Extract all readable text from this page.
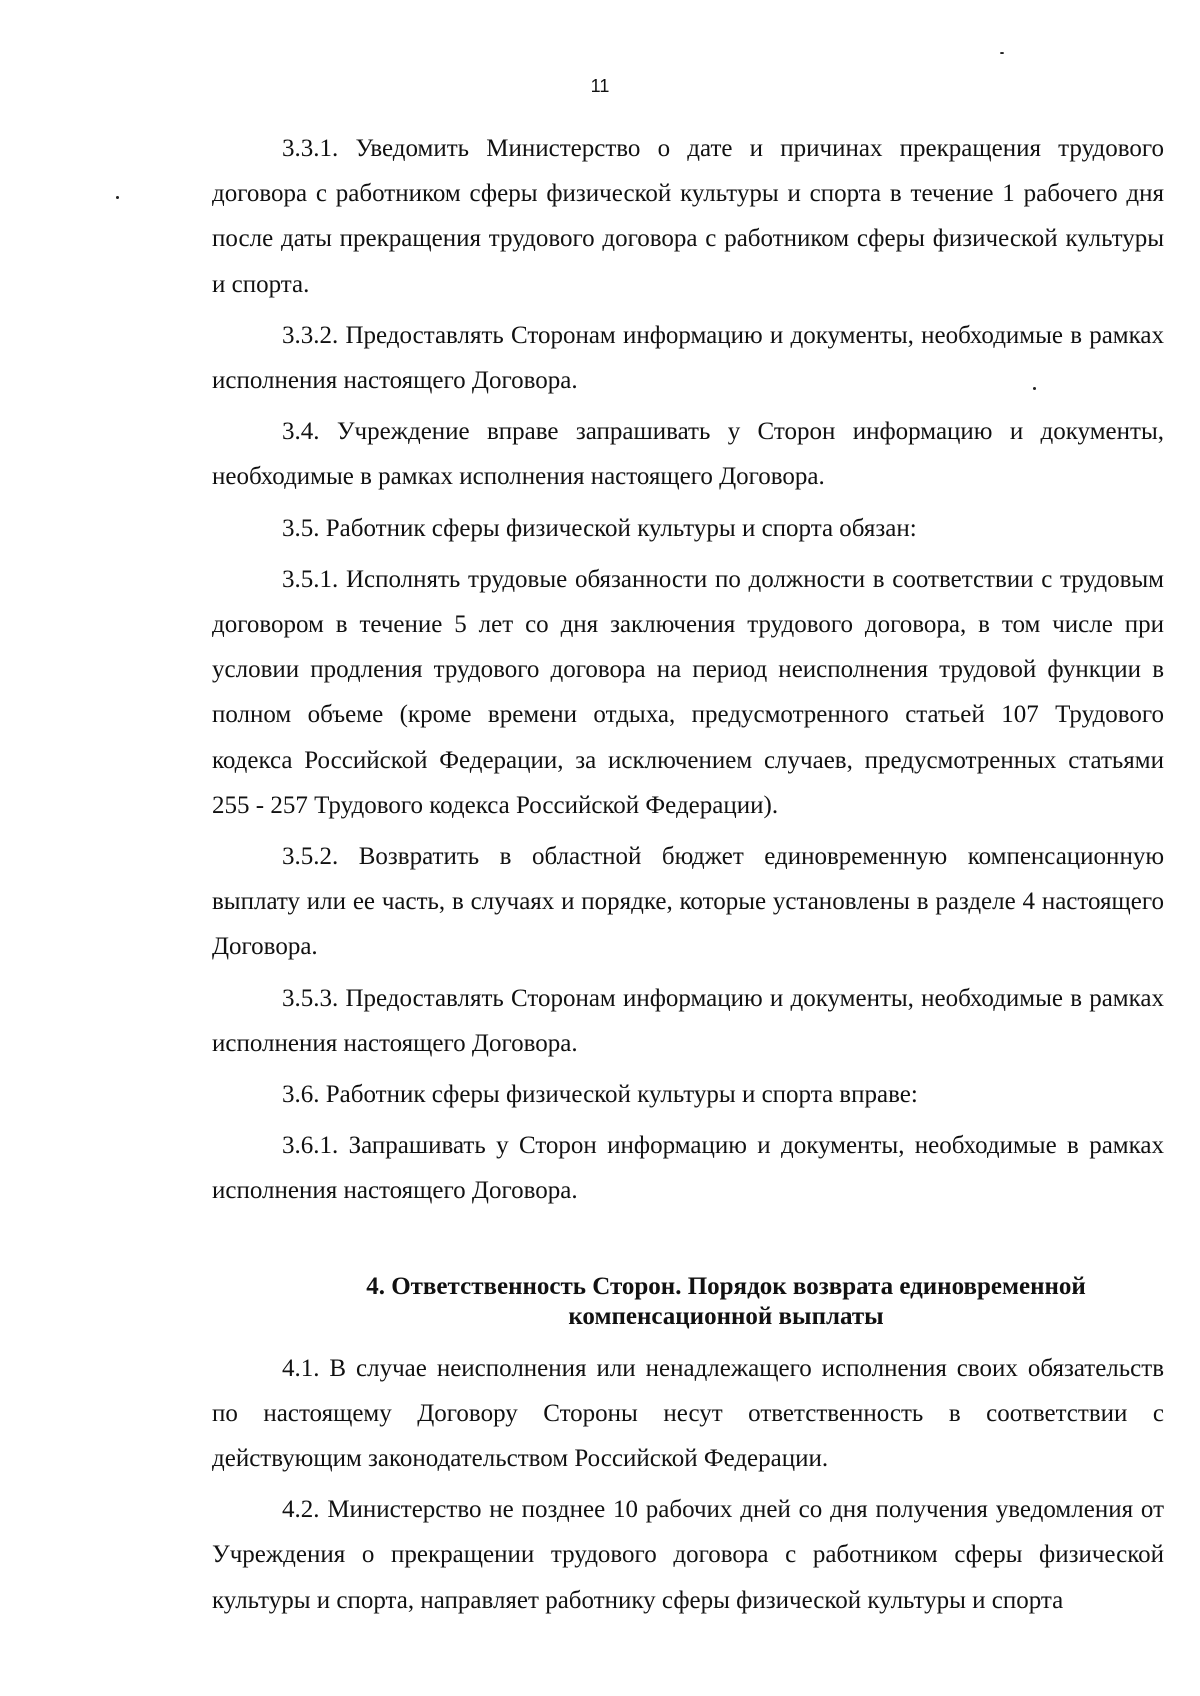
11

3.3.1. Уведомить Министерство о дате и причинах прекращения трудового договора с работником сферы физической культуры и спорта в течение 1 рабочего дня после даты прекращения трудового договора с работником сферы физической культуры и спорта.

3.3.2. Предоставлять Сторонам информацию и документы, необходимые в рамках исполнения настоящего Договора.

3.4. Учреждение вправе запрашивать у Сторон информацию и документы, необходимые в рамках исполнения настоящего Договора.

3.5. Работник сферы физической культуры и спорта обязан:

3.5.1. Исполнять трудовые обязанности по должности в соответствии с трудовым договором в течение 5 лет со дня заключения трудового договора, в том числе при условии продления трудового договора на период неисполнения трудовой функции в полном объеме (кроме времени отдыха, предусмотренного статьей 107 Трудового кодекса Российской Федерации, за исключением случаев, предусмотренных статьями 255 - 257 Трудового кодекса Российской Федерации).

3.5.2. Возвратить в областной бюджет единовременную компенсационную выплату или ее часть, в случаях и порядке, которые установлены в разделе 4 настоящего Договора.

3.5.3. Предоставлять Сторонам информацию и документы, необходимые в рамках исполнения настоящего Договора.

3.6. Работник сферы физической культуры и спорта вправе:

3.6.1. Запрашивать у Сторон информацию и документы, необходимые в рамках исполнения настоящего Договора.

4. Ответственность Сторон. Порядок возврата единовременной
компенсационной выплаты

4.1. В случае неисполнения или ненадлежащего исполнения своих обязательств по настоящему Договору Стороны несут ответственность в соответствии с действующим законодательством Российской Федерации.

4.2. Министерство не позднее 10 рабочих дней со дня получения уведомления от Учреждения о прекращении трудового договора с работником сферы физической культуры и спорта, направляет работнику сферы физической культуры и спорта
